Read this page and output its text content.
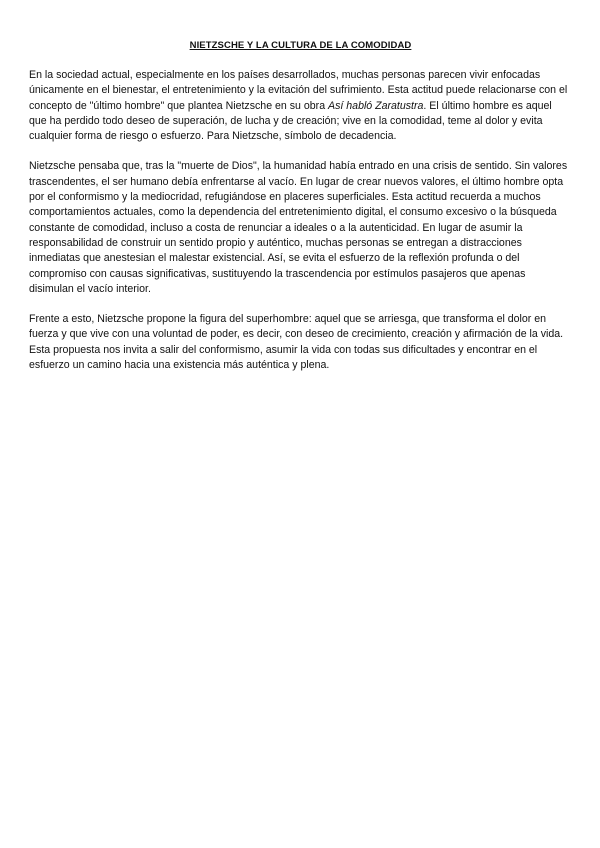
NIETZSCHE Y LA CULTURA DE LA COMODIDAD

En la sociedad actual, especialmente en los países desarrollados, muchas personas parecen vivir enfocadas únicamente en el bienestar, el entretenimiento y la evitación del sufrimiento. Esta actitud puede relacionarse con el concepto de "último hombre" que plantea Nietzsche en su obra Así habló Zaratustra. El último hombre es aquel que ha perdido todo deseo de superación, de lucha y de creación; vive en la comodidad, teme al dolor y evita cualquier forma de riesgo o esfuerzo. Para Nietzsche, símbolo de decadencia.

Nietzsche pensaba que, tras la "muerte de Dios", la humanidad había entrado en una crisis de sentido. Sin valores trascendentes, el ser humano debía enfrentarse al vacío. En lugar de crear nuevos valores, el último hombre opta por el conformismo y la mediocridad, refugiándose en placeres superficiales. Esta actitud recuerda a muchos comportamientos actuales, como la dependencia del entretenimiento digital, el consumo excesivo o la búsqueda constante de comodidad, incluso a costa de renunciar a ideales o a la autenticidad. En lugar de asumir la responsabilidad de construir un sentido propio y auténtico, muchas personas se entregan a distracciones inmediatas que anestesian el malestar existencial. Así, se evita el esfuerzo de la reflexión profunda o del compromiso con causas significativas, sustituyendo la trascendencia por estímulos pasajeros que apenas disimulan el vacío interior.

Frente a esto, Nietzsche propone la figura del superhombre: aquel que se arriesga, que transforma el dolor en fuerza y que vive con una voluntad de poder, es decir, con deseo de crecimiento, creación y afirmación de la vida. Esta propuesta nos invita a salir del conformismo, asumir la vida con todas sus dificultades y encontrar en el esfuerzo un camino hacia una existencia más auténtica y plena.
